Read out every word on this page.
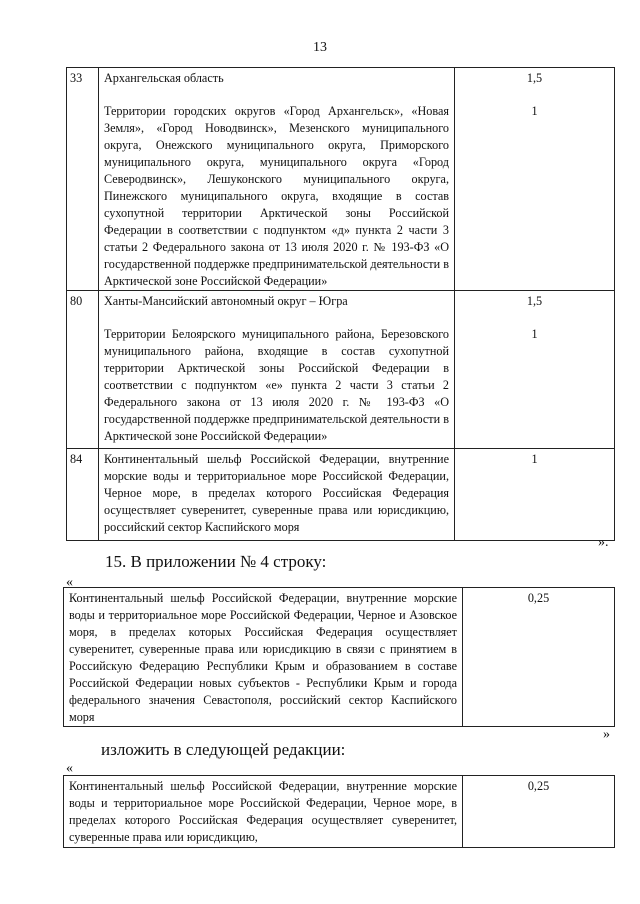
13
33	Архангельская область
Территории городских округов «Город Архангельск», «Новая Земля», «Город Новодвинск», Мезенского муниципального округа, Онежского муниципального округа, Приморского муниципального округа, муниципального округа «Город Северодвинск», Лешуконского муниципального округа, Пинежского муниципального округа, входящие в состав сухопутной территории Арктической зоны Российской Федерации в соответствии с подпунктом «д» пункта 2 части 3 статьи 2 Федерального закона от 13 июля 2020 г. № 193-ФЗ «О государственной поддержке предпринимательской деятельности в Арктической зоне Российской Федерации»	1,5
1

80	Ханты-Мансийский автономный округ – Югра
Территории Белоярского муниципального района, Березовского муниципального района, входящие в состав сухопутной территории Арктической зоны Российской Федерации в соответствии с подпунктом «е» пункта 2 части 3 статьи 2 Федерального закона от 13 июля 2020 г. № 193-ФЗ «О государственной поддержке предпринимательской деятельности в Арктической зоне Российской Федерации»	1,5
1

84	Континентальный шельф Российской Федерации, внутренние морские воды и территориальное море Российской Федерации, Черное море, в пределах которого Российская Федерация осуществляет суверенитет, суверенные права или юрисдикцию, российский сектор Каспийского моря	1
».
15. В приложении № 4 строку:
«
Континентальный шельф Российской Федерации, внутренние морские воды и территориальное море Российской Федерации, Черное и Азовское моря, в пределах которых Российская Федерация осуществляет суверенитет, суверенные права или юрисдикцию в связи с принятием в Российскую Федерацию Республики Крым и образованием в составе Российской Федерации новых субъектов - Республики Крым и города федерального значения Севастополя, российский сектор Каспийского моря	0,25
»
изложить в следующей редакции:
«
Континентальный шельф Российской Федерации, внутренние морские воды и территориальное море Российской Федерации, Черное море, в пределах которого Российская Федерация осуществляет суверенитет, суверенные права или юрисдикцию,	0,25
